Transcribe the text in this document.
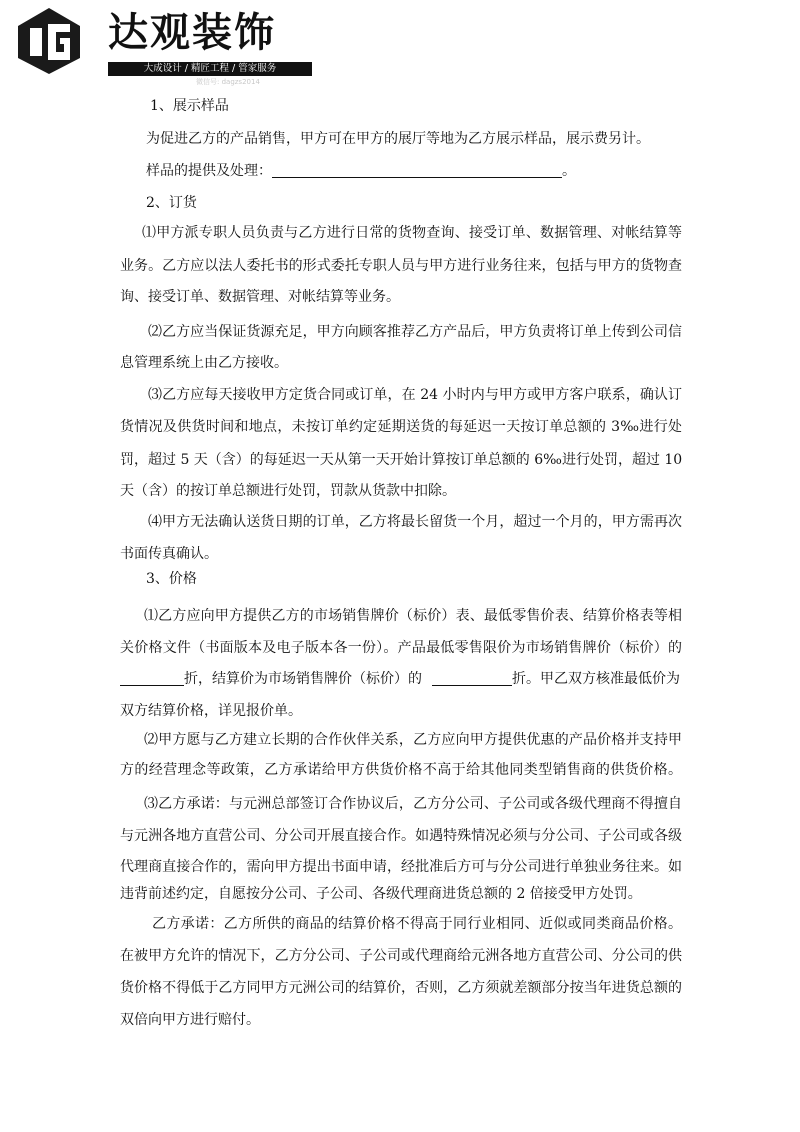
达观装饰
大成设计 / 精匠工程 / 管家服务
微信号: dagzs2014
1、展示样品
为促进乙方的产品销售，甲方可在甲方的展厅等地为乙方展示样品，展示费另计。
样品的提供及处理：	。
2、订货
⑴甲方派专职人员负责与乙方进行日常的货物查询、接受订单、数据管理、对帐结算等
业务。乙方应以法人委托书的形式委托专职人员与甲方进行业务往来，包括与甲方的货物查
询、接受订单、数据管理、对帐结算等业务。
⑵乙方应当保证货源充足，甲方向顾客推荐乙方产品后，甲方负责将订单上传到公司信
息管理系统上由乙方接收。
⑶乙方应每天接收甲方定货合同或订单，在 24 小时内与甲方或甲方客户联系，确认订
货情况及供货时间和地点，未按订单约定延期送货的每延迟一天按订单总额的 3‰进行处
罚，超过 5 天（含）的每延迟一天从第一天开始计算按订单总额的 6‰进行处罚，超过 10
天（含）的按订单总额进行处罚，罚款从货款中扣除。
⑷甲方无法确认送货日期的订单，乙方将最长留货一个月，超过一个月的，甲方需再次
书面传真确认。
3、价格
⑴乙方应向甲方提供乙方的市场销售牌价（标价）表、最低零售价表、结算价格表等相
关价格文件（书面版本及电子版本各一份）。产品最低零售限价为市场销售牌价（标价）的
折，结算价为市场销售牌价（标价）的	折。甲乙双方核准最低价为
双方结算价格，详见报价单。
⑵甲方愿与乙方建立长期的合作伙伴关系，乙方应向甲方提供优惠的产品价格并支持甲
方的经营理念等政策，乙方承诺给甲方供货价格不高于给其他同类型销售商的供货价格。
⑶乙方承诺：与元洲总部签订合作协议后，乙方分公司、子公司或各级代理商不得擅自
与元洲各地方直营公司、分公司开展直接合作。如遇特殊情况必须与分公司、子公司或各级
代理商直接合作的，需向甲方提出书面申请，经批准后方可与分公司进行单独业务往来。如
违背前述约定，自愿按分公司、子公司、各级代理商进货总额的 2 倍接受甲方处罚。
乙方承诺：乙方所供的商品的结算价格不得高于同行业相同、近似或同类商品价格。
在被甲方允许的情况下，乙方分公司、子公司或代理商给元洲各地方直营公司、分公司的供
货价格不得低于乙方同甲方元洲公司的结算价，否则，乙方须就差额部分按当年进货总额的
双倍向甲方进行赔付。
